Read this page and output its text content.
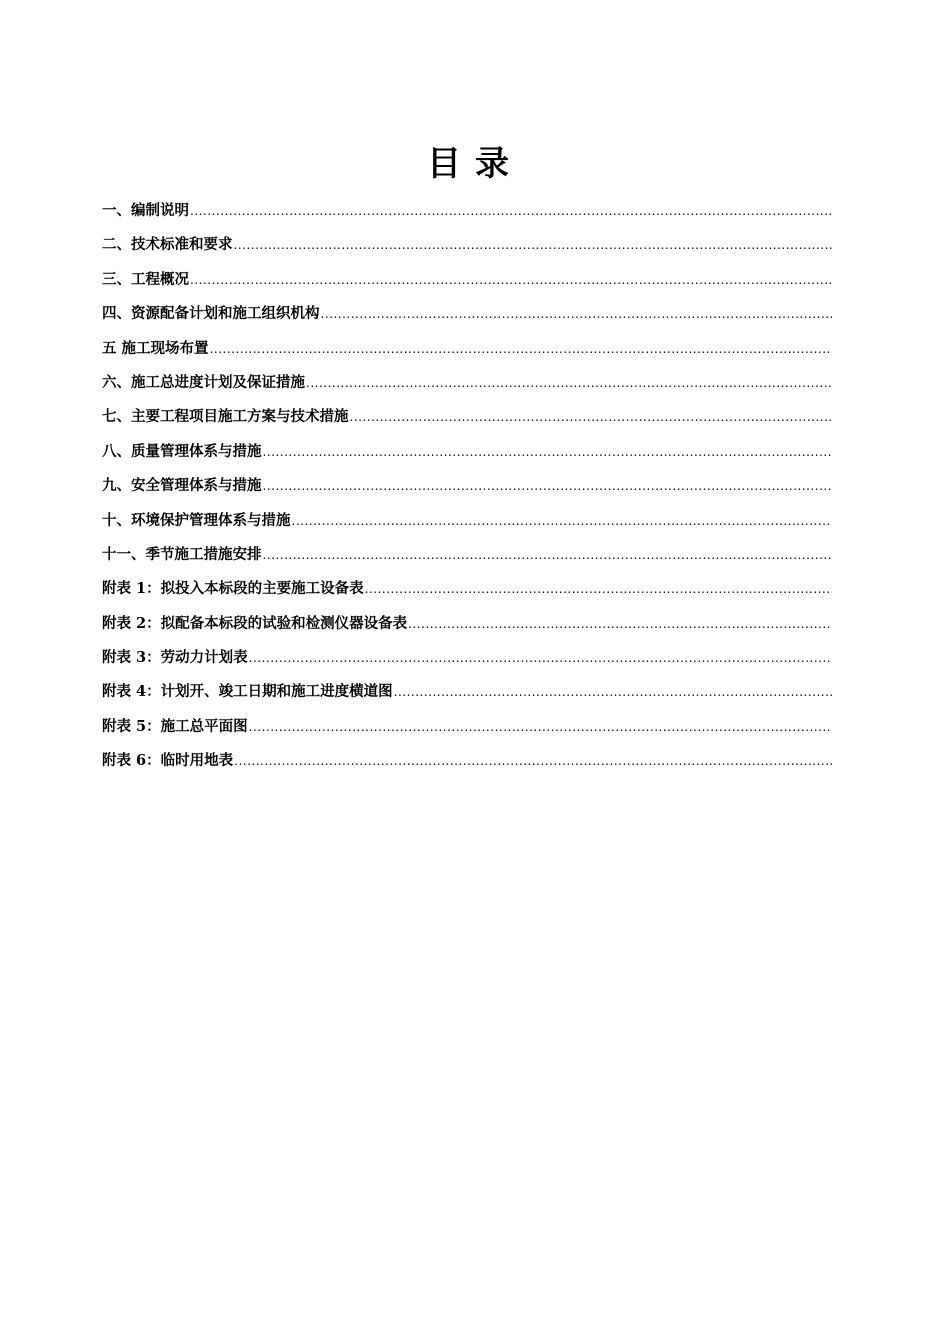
目录
一、编制说明
.....
二、技术标准和要求
.....
三、工程概况
.....
四、资源配备计划和施工组织机构
.....
五 施工现场布置
.....
六、施工总进度计划及保证措施
.....
七、主要工程项目施工方案与技术措施
.....
八、质量管理体系与措施
.....
九、安全管理体系与措施
.....
十、环境保护管理体系与措施
.....
十一、季节施工措施安排
.....
附表 1：拟投入本标段的主要施工设备表
.....
附表 2：拟配备本标段的试验和检测仪器设备表
.....
附表 3：劳动力计划表
.....
附表 4：计划开、竣工日期和施工进度横道图
.....
附表 5：施工总平面图
.....
附表 6：临时用地表
.....
